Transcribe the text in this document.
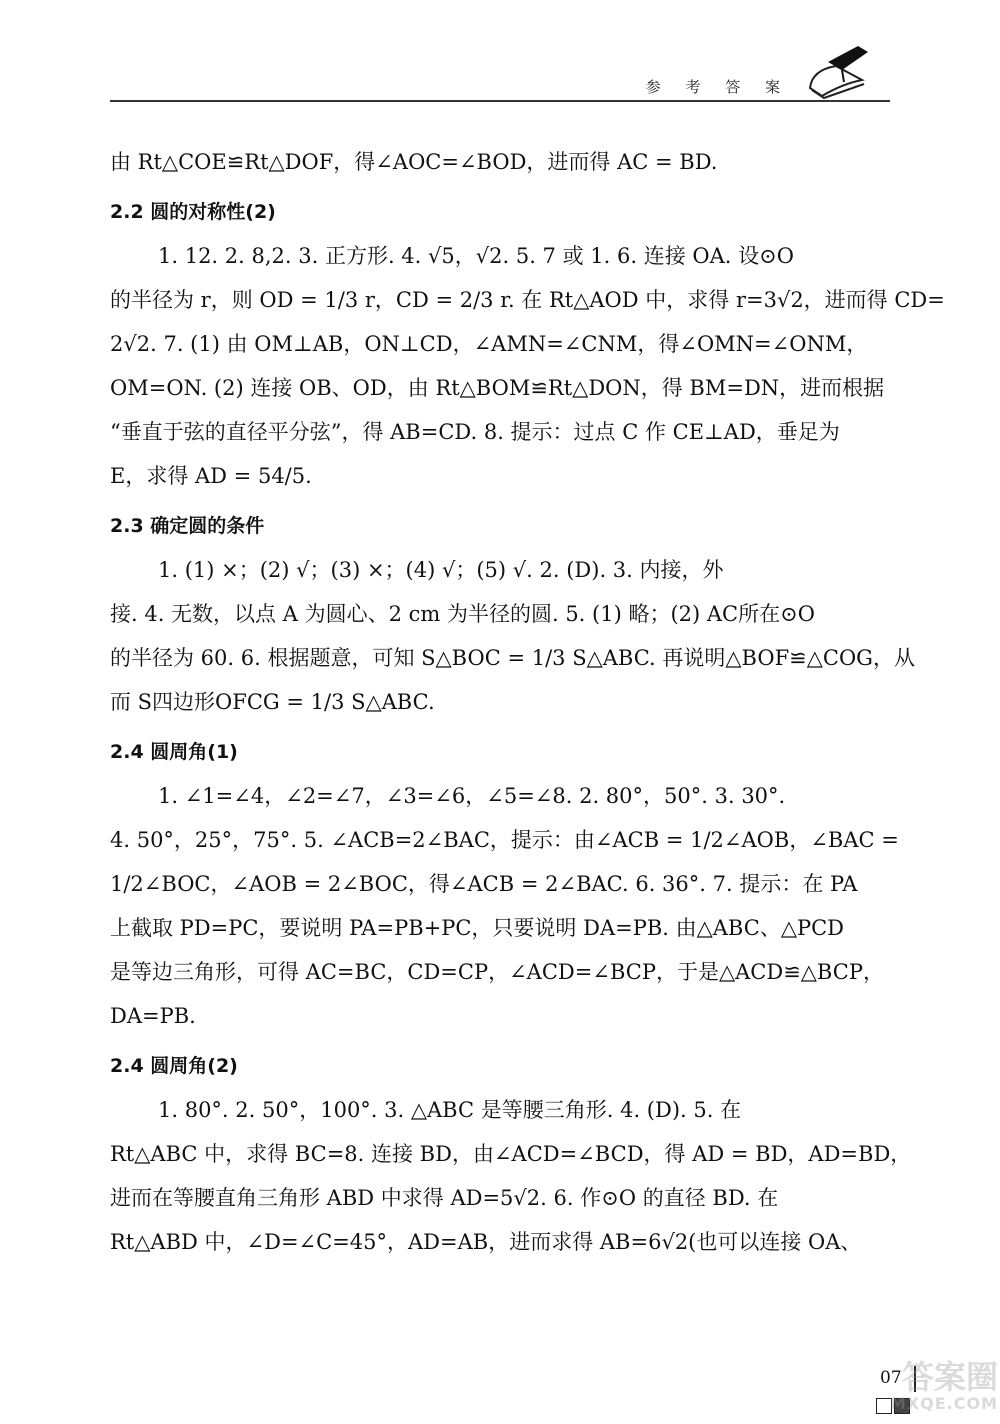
参 考 答 案
由 Rt△COE≌Rt△DOF，得∠AOC=∠BOD，进而得 AC = BD.
2.2 圆的对称性(2)
1. 12. 2. 8,2. 3. 正方形. 4. √5，√2. 5. 7 或 1. 6. 连接 OA. 设⊙O
的半径为 r，则 OD = 1/3 r，CD = 2/3 r. 在 Rt△AOD 中，求得 r=3√2，进而得 CD=
2√2. 7. (1) 由 OM⊥AB，ON⊥CD，∠AMN=∠CNM，得∠OMN=∠ONM，
OM=ON. (2) 连接 OB、OD，由 Rt△BOM≌Rt△DON，得 BM=DN，进而根据
“垂直于弦的直径平分弦”，得 AB=CD. 8. 提示：过点 C 作 CE⊥AD，垂足为
E，求得 AD = 54/5.
2.3 确定圆的条件
1. (1) ×；(2) √；(3) ×；(4) √；(5) √. 2. (D). 3. 内接，外
接. 4. 无数，以点 A 为圆心、2 cm 为半径的圆. 5. (1) 略；(2) AC所在⊙O
的半径为 60. 6. 根据题意，可知 S△BOC = 1/3 S△ABC. 再说明△BOF≌△COG，从
而 S四边形OFCG = 1/3 S△ABC.
2.4 圆周角(1)
1. ∠1=∠4，∠2=∠7，∠3=∠6，∠5=∠8. 2. 80°，50°. 3. 30°.
4. 50°，25°，75°. 5. ∠ACB=2∠BAC，提示：由∠ACB = 1/2∠AOB，∠BAC =
1/2∠BOC，∠AOB = 2∠BOC，得∠ACB = 2∠BAC. 6. 36°. 7. 提示：在 PA
上截取 PD=PC，要说明 PA=PB+PC，只要说明 DA=PB. 由△ABC、△PCD
是等边三角形，可得 AC=BC，CD=CP，∠ACD=∠BCP，于是△ACD≌△BCP，
DA=PB.
2.4 圆周角(2)
1. 80°. 2. 50°，100°. 3. △ABC 是等腰三角形. 4. (D). 5. 在
Rt△ABC 中，求得 BC=8. 连接 BD，由∠ACD=∠BCD，得 AD = BD，AD=BD，
进而在等腰直角三角形 ABD 中求得 AD=5√2. 6. 作⊙O 的直径 BD. 在
Rt△ABD 中，∠D=∠C=45°，AD=AB，进而求得 AB=6√2(也可以连接 OA、
07 答案圈
MXQE.COM
